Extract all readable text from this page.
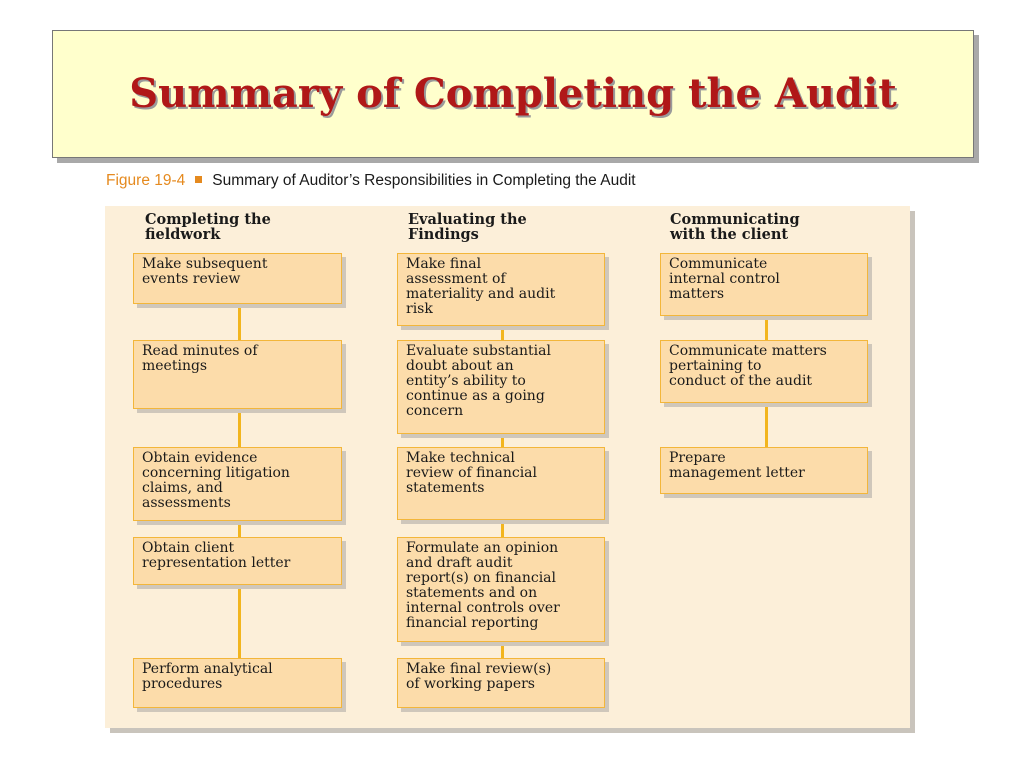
Summary of Completing the Audit
Figure 19-4 Summary of Auditor’s Responsibilities in Completing the Audit
Completing the
fieldwork
Evaluating the
Findings
Communicating
with the client
Make subsequent
events review
Read minutes of
meetings
Obtain evidence
concerning litigation
claims, and
assessments
Obtain client
representation letter
Perform analytical
procedures
Make final
assessment of
materiality and audit
risk
Evaluate substantial
doubt about an
entity’s ability to
continue as a going
concern
Make technical
review of financial
statements
Formulate an opinion
and draft audit
report(s) on financial
statements and on
internal controls over
financial reporting
Make final review(s)
of working papers
Communicate
internal control
matters
Communicate matters
pertaining to
conduct of the audit
Prepare
management letter
